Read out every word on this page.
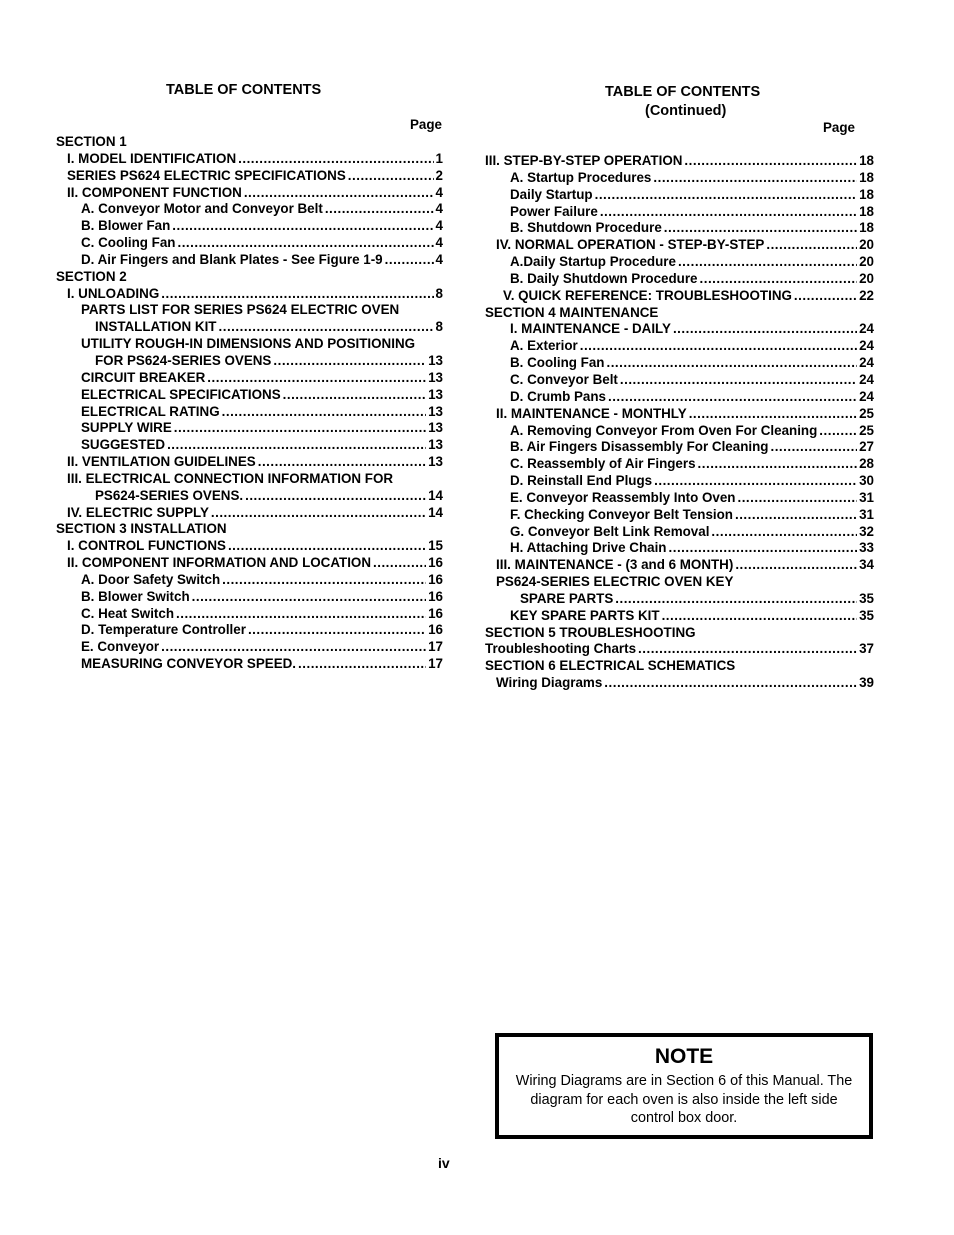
TABLE OF CONTENTS
Page
TABLE OF CONTENTS
(Continued)
Page
SECTION 1
I. MODEL IDENTIFICATION .....	1
SERIES PS624 ELECTRIC SPECIFICATIONS .....	2
II. COMPONENT FUNCTION .....	4
A. Conveyor Motor and Conveyor Belt .....	4
B. Blower Fan .....	4
C. Cooling Fan .....	4
D. Air Fingers and Blank Plates - See Figure 1-9 .....	4
SECTION 2
I. UNLOADING .....	8
PARTS LIST FOR SERIES PS624 ELECTRIC OVEN
INSTALLATION KIT .....	8
UTILITY ROUGH-IN DIMENSIONS AND POSITIONING
FOR PS624-SERIES OVENS .....	13
CIRCUIT BREAKER .....	13
ELECTRICAL SPECIFICATIONS .....	13
ELECTRICAL RATING .....	13
SUPPLY WIRE .....	13
SUGGESTED .....	13
II. VENTILATION GUIDELINES .....	13
III. ELECTRICAL CONNECTION INFORMATION FOR
PS624-SERIES OVENS. .....	14
IV. ELECTRIC SUPPLY .....	14
SECTION 3 INSTALLATION
I. CONTROL FUNCTIONS .....	15
II. COMPONENT INFORMATION AND LOCATION .....	16
A. Door Safety Switch .....	16
B. Blower Switch .....	16
C. Heat Switch .....	16
D. Temperature Controller .....	16
E. Conveyor .....	17
MEASURING CONVEYOR SPEED. .....	17
III. STEP-BY-STEP OPERATION .....	18
A. Startup Procedures .....	18
Daily Startup .....	18
Power Failure .....	18
B. Shutdown Procedure .....	18
IV. NORMAL OPERATION - STEP-BY-STEP .....	20
A.Daily Startup Procedure .....	20
B. Daily Shutdown Procedure .....	20
V. QUICK REFERENCE: TROUBLESHOOTING .....	22
SECTION 4 MAINTENANCE
I. MAINTENANCE - DAILY .....	24
A. Exterior .....	24
B. Cooling Fan .....	24
C. Conveyor Belt .....	24
D. Crumb Pans .....	24
II. MAINTENANCE - MONTHLY .....	25
A. Removing Conveyor From Oven For Cleaning .....	25
B. Air Fingers Disassembly For Cleaning .....	27
C. Reassembly of Air Fingers .....	28
D. Reinstall End Plugs .....	30
E. Conveyor Reassembly Into Oven .....	31
F. Checking Conveyor Belt Tension .....	31
G. Conveyor Belt Link Removal .....	32
H. Attaching Drive Chain .....	33
III. MAINTENANCE - (3 and 6 MONTH) .....	34
PS624-SERIES ELECTRIC OVEN KEY
SPARE PARTS .....	35
KEY SPARE PARTS KIT .....	35
SECTION 5 TROUBLESHOOTING
Troubleshooting Charts .....	37
SECTION 6 ELECTRICAL SCHEMATICS
Wiring Diagrams .....	39
NOTE
Wiring Diagrams are in Section 6 of this Manual. The diagram for each oven is also inside the left side control box door.
iv
